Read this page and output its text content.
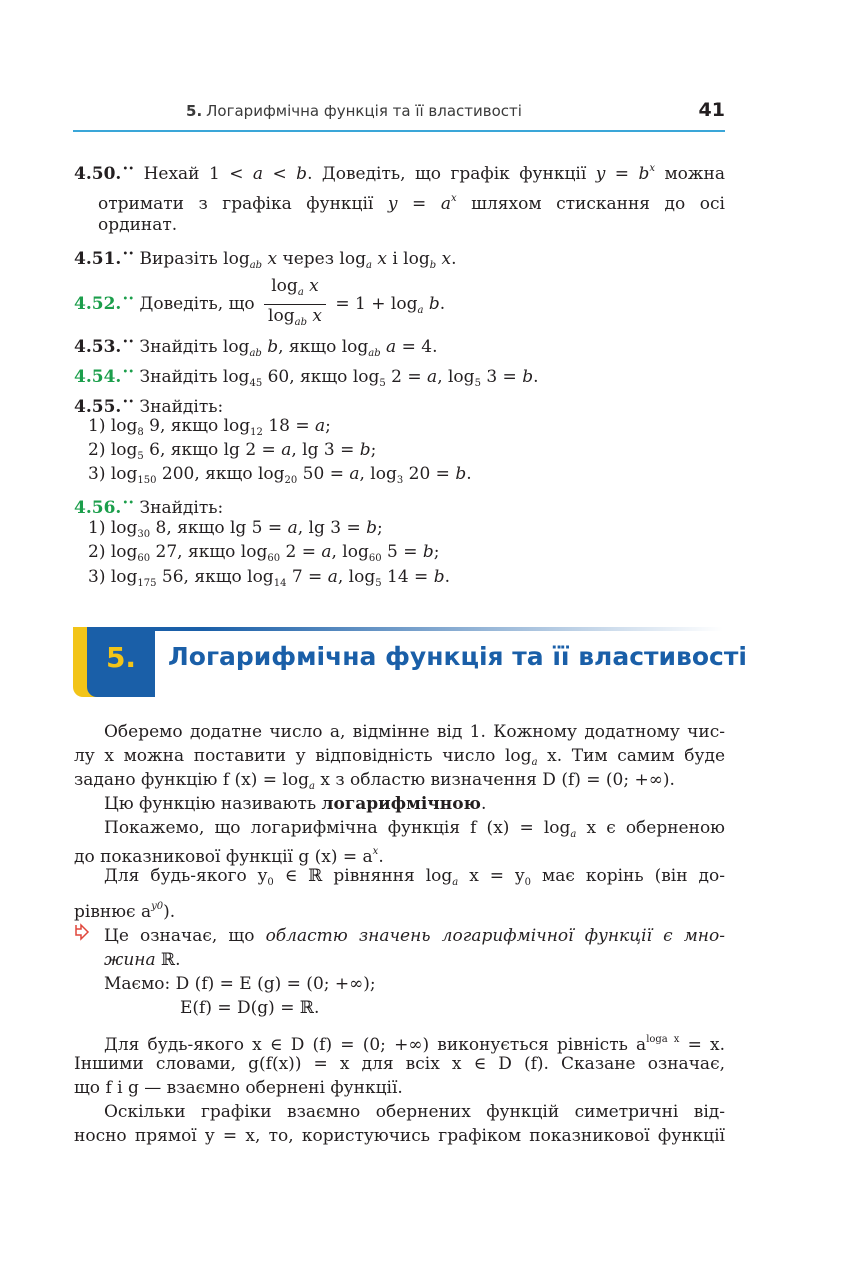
5. Логарифмічна функція та її властивості	41
4.50.•• Нехай 1 < a < b. Доведіть, що графік функції $y = b^x$ можна
отримати з графіка функції $y = a^x$ шляхом стискання до осі
ординат.
4.51.•• Виразіть $\log_{ab} x$ через $\log_a x$ і $\log_b x$.
4.52.•• Доведіть, що $\frac{\log_a x}{\log_{ab} x} = 1 + \log_a b$.
4.53.•• Знайдіть $\log_{ab} b$, якщо $\log_{ab} a = 4$.
4.54.•• Знайдіть $\log_{45} 60$, якщо $\log_5 2 = a$, $\log_5 3 = b$.
4.55.•• Знайдіть:
1) $\log_8 9$, якщо $\log_{12} 18 = a$;
2) $\log_5 6$, якщо lg 2 = a, lg 3 = b;
3) $\log_{150} 200$, якщо $\log_{20} 50 = a$, $\log_3 20 = b$.
4.56.•• Знайдіть:
1) $\log_{30} 8$, якщо lg 5 = a, lg 3 = b;
2) $\log_{60} 27$, якщо $\log_{60} 2 = a$, $\log_{60} 5 = b$;
3) $\log_{175} 56$, якщо $\log_{14} 7 = a$, $\log_5 14 = b$.
5.	Логарифмічна функція та її властивості
Оберемо додатне число a, відмінне від 1. Кожному додатному чис-
лу x можна поставити у відповідність число $\log_a x$. Тим самим буде
задано функцію f $(x) = \log_a x$ з областю визначення D (f) = (0; +∞).
Цю функцію називають логарифмічною.
Покажемо, що логарифмічна функція f $(x) = \log_a x$ є оберненою
до показникової функції g $(x) = a^x$.
Для будь-якого $y_0$ ∈ ℝ рівняння $\log_a x = y_0$ має корінь (він до-
рівнює $a^{y0}$).
Це означає, що областю значень логарифмічної функції є мно-
жина ℝ.
Маємо: D (f) = E (g) = (0; +∞);
E(f) = D(g) = ℝ.
Для будь-якого x ∈ D (f) = (0; +∞) виконується рівність $a^{loga x} = x$.
Іншими словами, g(f(x)) = x для всіх x ∈ D (f). Сказане означає,
що f і g — взаємно обернені функції.
Оскільки графіки взаємно обернених функцій симетричні від-
носно прямої y = x, то, користуючись графіком показникової функції
